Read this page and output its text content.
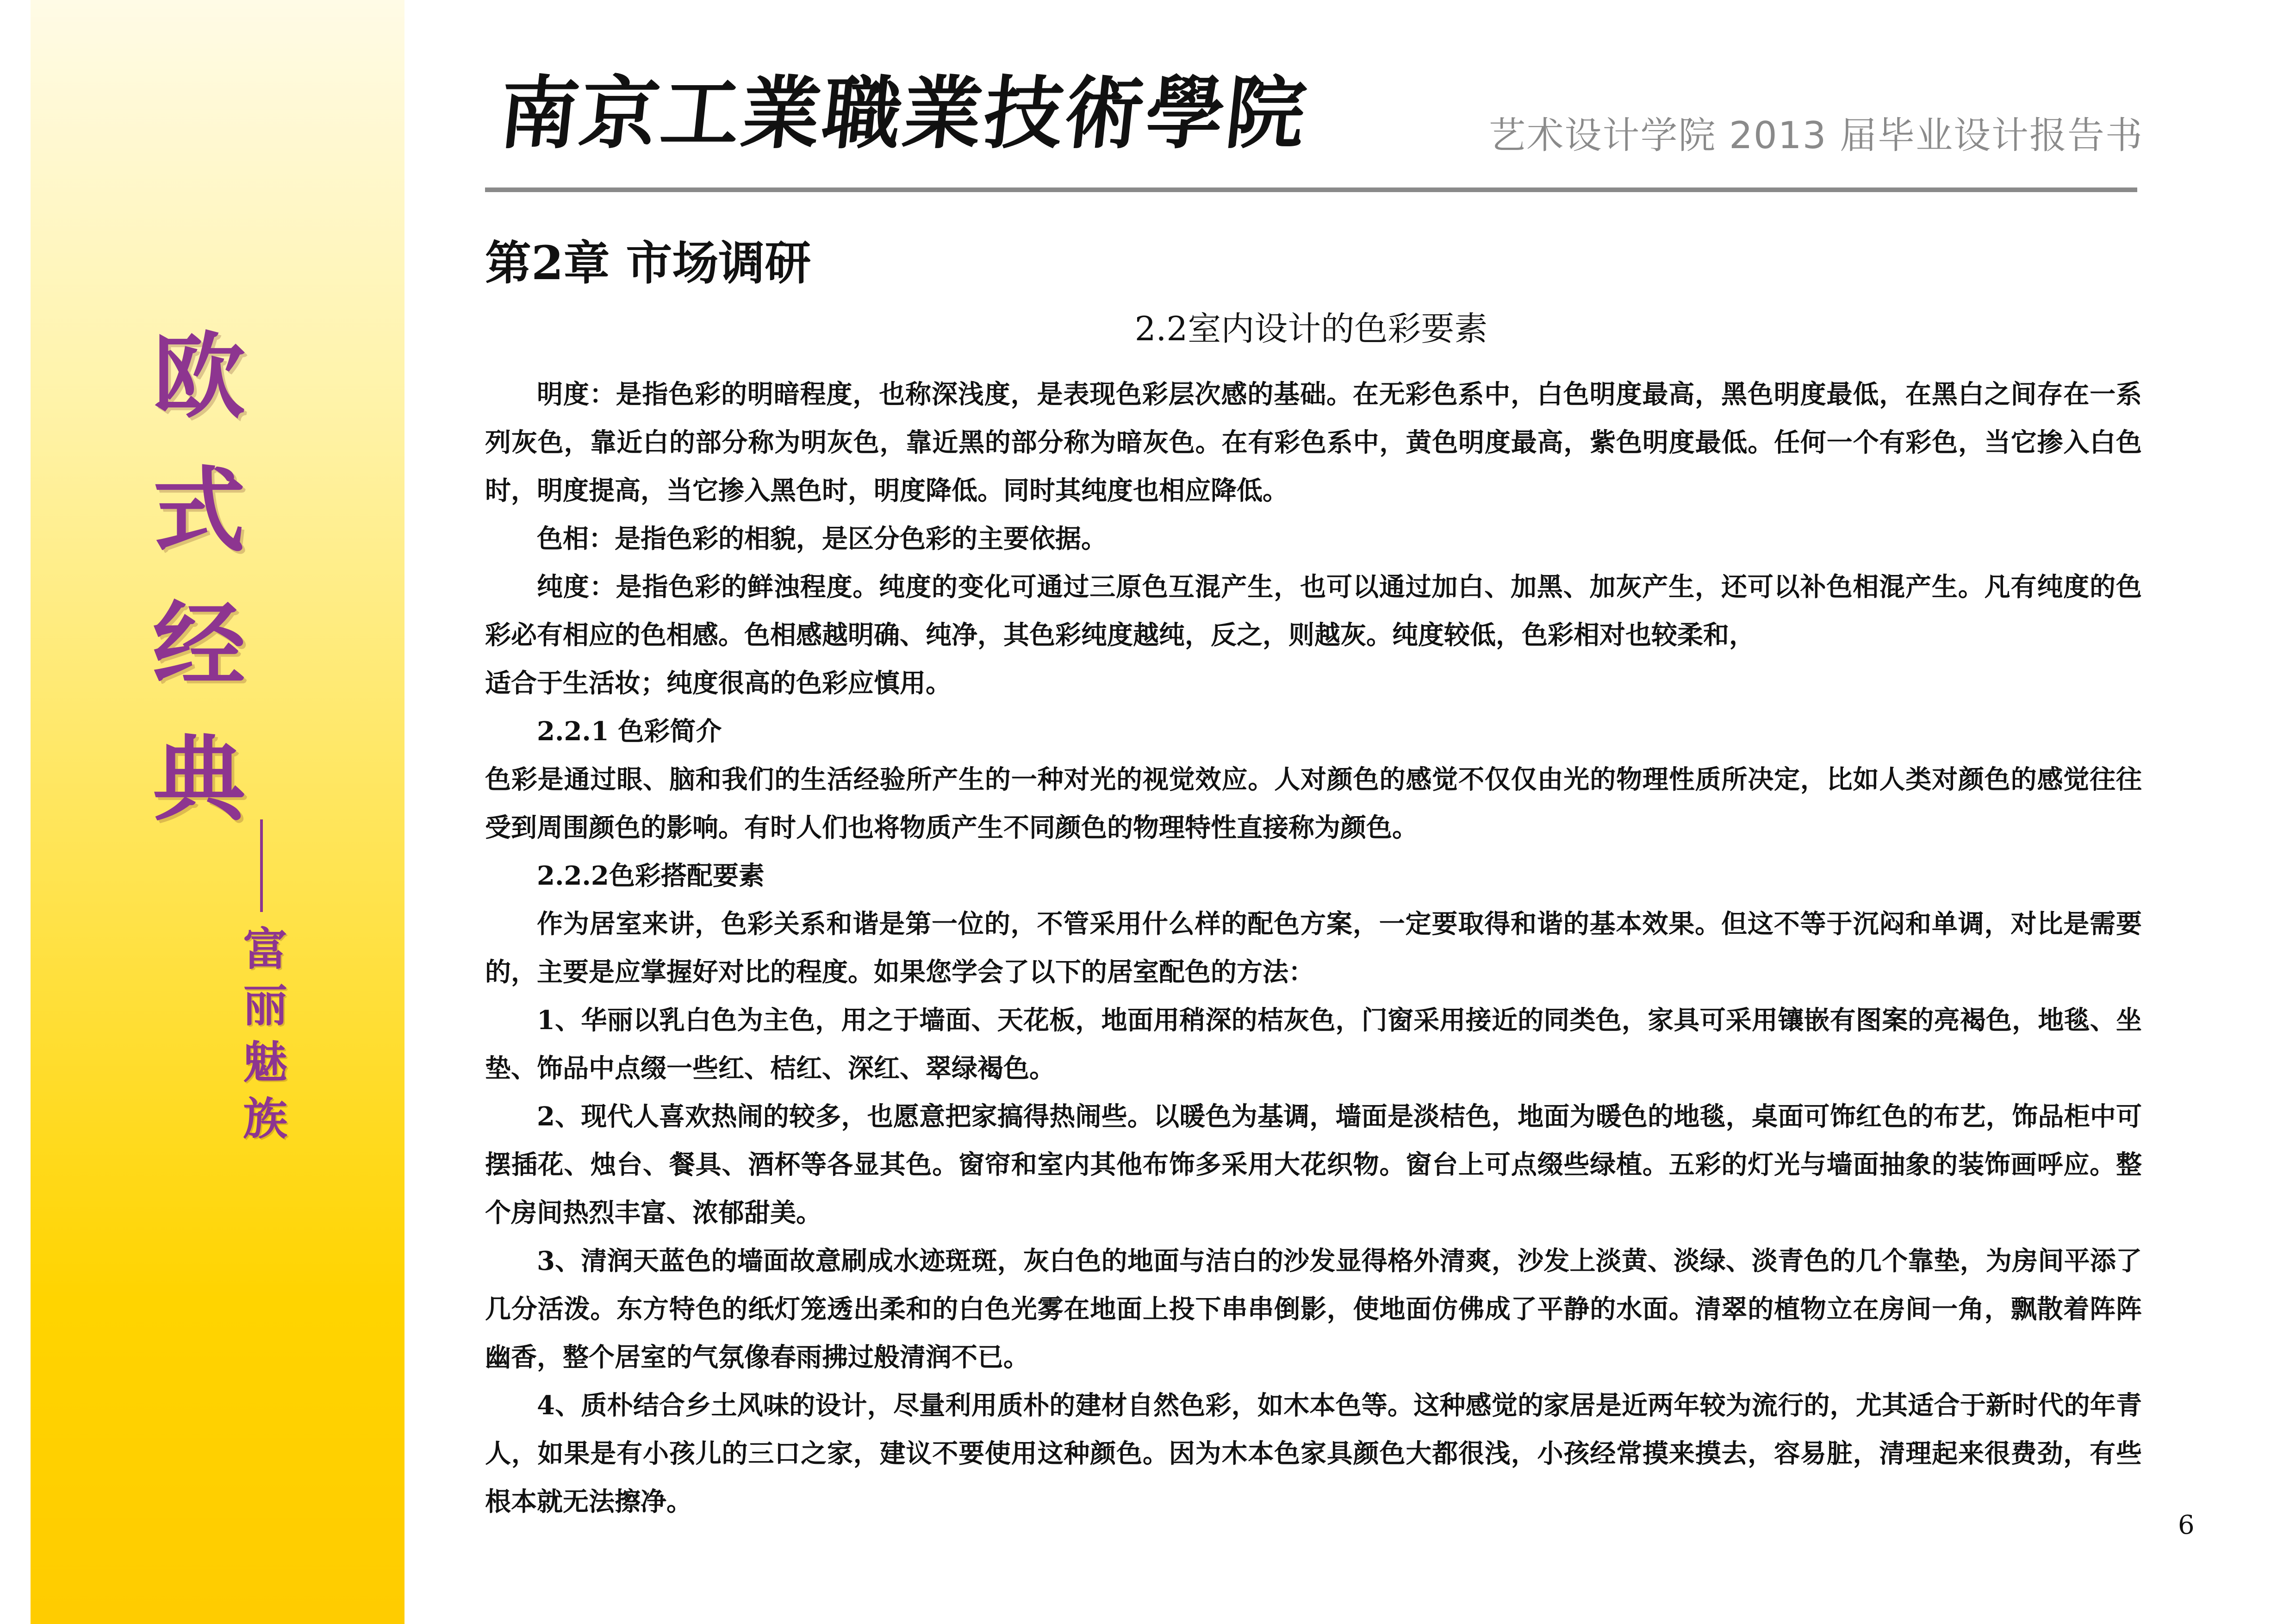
欧
式
经
典
富
丽
魅
族
南
京
工
業
職
業
技
術
學
院	艺术设计学院 2013 届毕业设计报告书
第2章 市场调研
2.2室内设计的色彩要素

明度：是指色彩的明暗程度，也称深浅度，是表现色彩层次感的基础。在无彩色系中，白色明度最高，黑色明度最低，在黑白之间存在一系列灰色，靠近白的部分称为明灰色，靠近黑的部分称为暗灰色。在有彩色系中，黄色明度最高，紫色明度最低。任何一个有彩色，当它掺入白色时，明度提高，当它掺入黑色时，明度降低。同时其纯度也相应降低。

色相：是指色彩的相貌，是区分色彩的主要依据。

纯度：是指色彩的鲜浊程度。纯度的变化可通过三原色互混产生，也可以通过加白、加黑、加灰产生，还可以补色相混产生。凡有纯度的色彩必有相应的色相感。色相感越明确、纯净，其色彩纯度越纯，反之，则越灰。纯度较低，色彩相对也较柔和，

适合于生活妆；纯度很高的色彩应慎用。

2.2.1 色彩简介

色彩是通过眼、脑和我们的生活经验所产生的一种对光的视觉效应。人对颜色的感觉不仅仅由光的物理性质所决定，比如人类对颜色的感觉往往受到周围颜色的影响。有时人们也将物质产生不同颜色的物理特性直接称为颜色。

2.2.2色彩搭配要素

作为居室来讲，色彩关系和谐是第一位的，不管采用什么样的配色方案，一定要取得和谐的基本效果。但这不等于沉闷和单调，对比是需要的，主要是应掌握好对比的程度。如果您学会了以下的居室配色的方法：

1、华丽以乳白色为主色，用之于墙面、天花板，地面用稍深的桔灰色，门窗采用接近的同类色，家具可采用镶嵌有图案的亮褐色，地毯、坐垫、饰品中点缀一些红、桔红、深红、翠绿褐色。

2、现代人喜欢热闹的较多，也愿意把家搞得热闹些。以暖色为基调，墙面是淡桔色，地面为暖色的地毯，桌面可饰红色的布艺，饰品柜中可摆插花、烛台、餐具、酒杯等各显其色。窗帘和室内其他布饰多采用大花织物。窗台上可点缀些绿植。五彩的灯光与墙面抽象的装饰画呼应。整个房间热烈丰富、浓郁甜美。

3、清润天蓝色的墙面故意刷成水迹斑斑，灰白色的地面与洁白的沙发显得格外清爽，沙发上淡黄、淡绿、淡青色的几个靠垫，为房间平添了几分活泼。东方特色的纸灯笼透出柔和的白色光雾在地面上投下串串倒影，使地面仿佛成了平静的水面。清翠的植物立在房间一角，飘散着阵阵幽香，整个居室的气氛像春雨拂过般清润不已。

4、质朴结合乡土风味的设计，尽量利用质朴的建材自然色彩，如木本色等。这种感觉的家居是近两年较为流行的，尤其适合于新时代的年青人，如果是有小孩儿的三口之家，建议不要使用这种颜色。因为木本色家具颜色大都很浅，小孩经常摸来摸去，容易脏，清理起来很费劲，有些根本就无法擦净。

6
